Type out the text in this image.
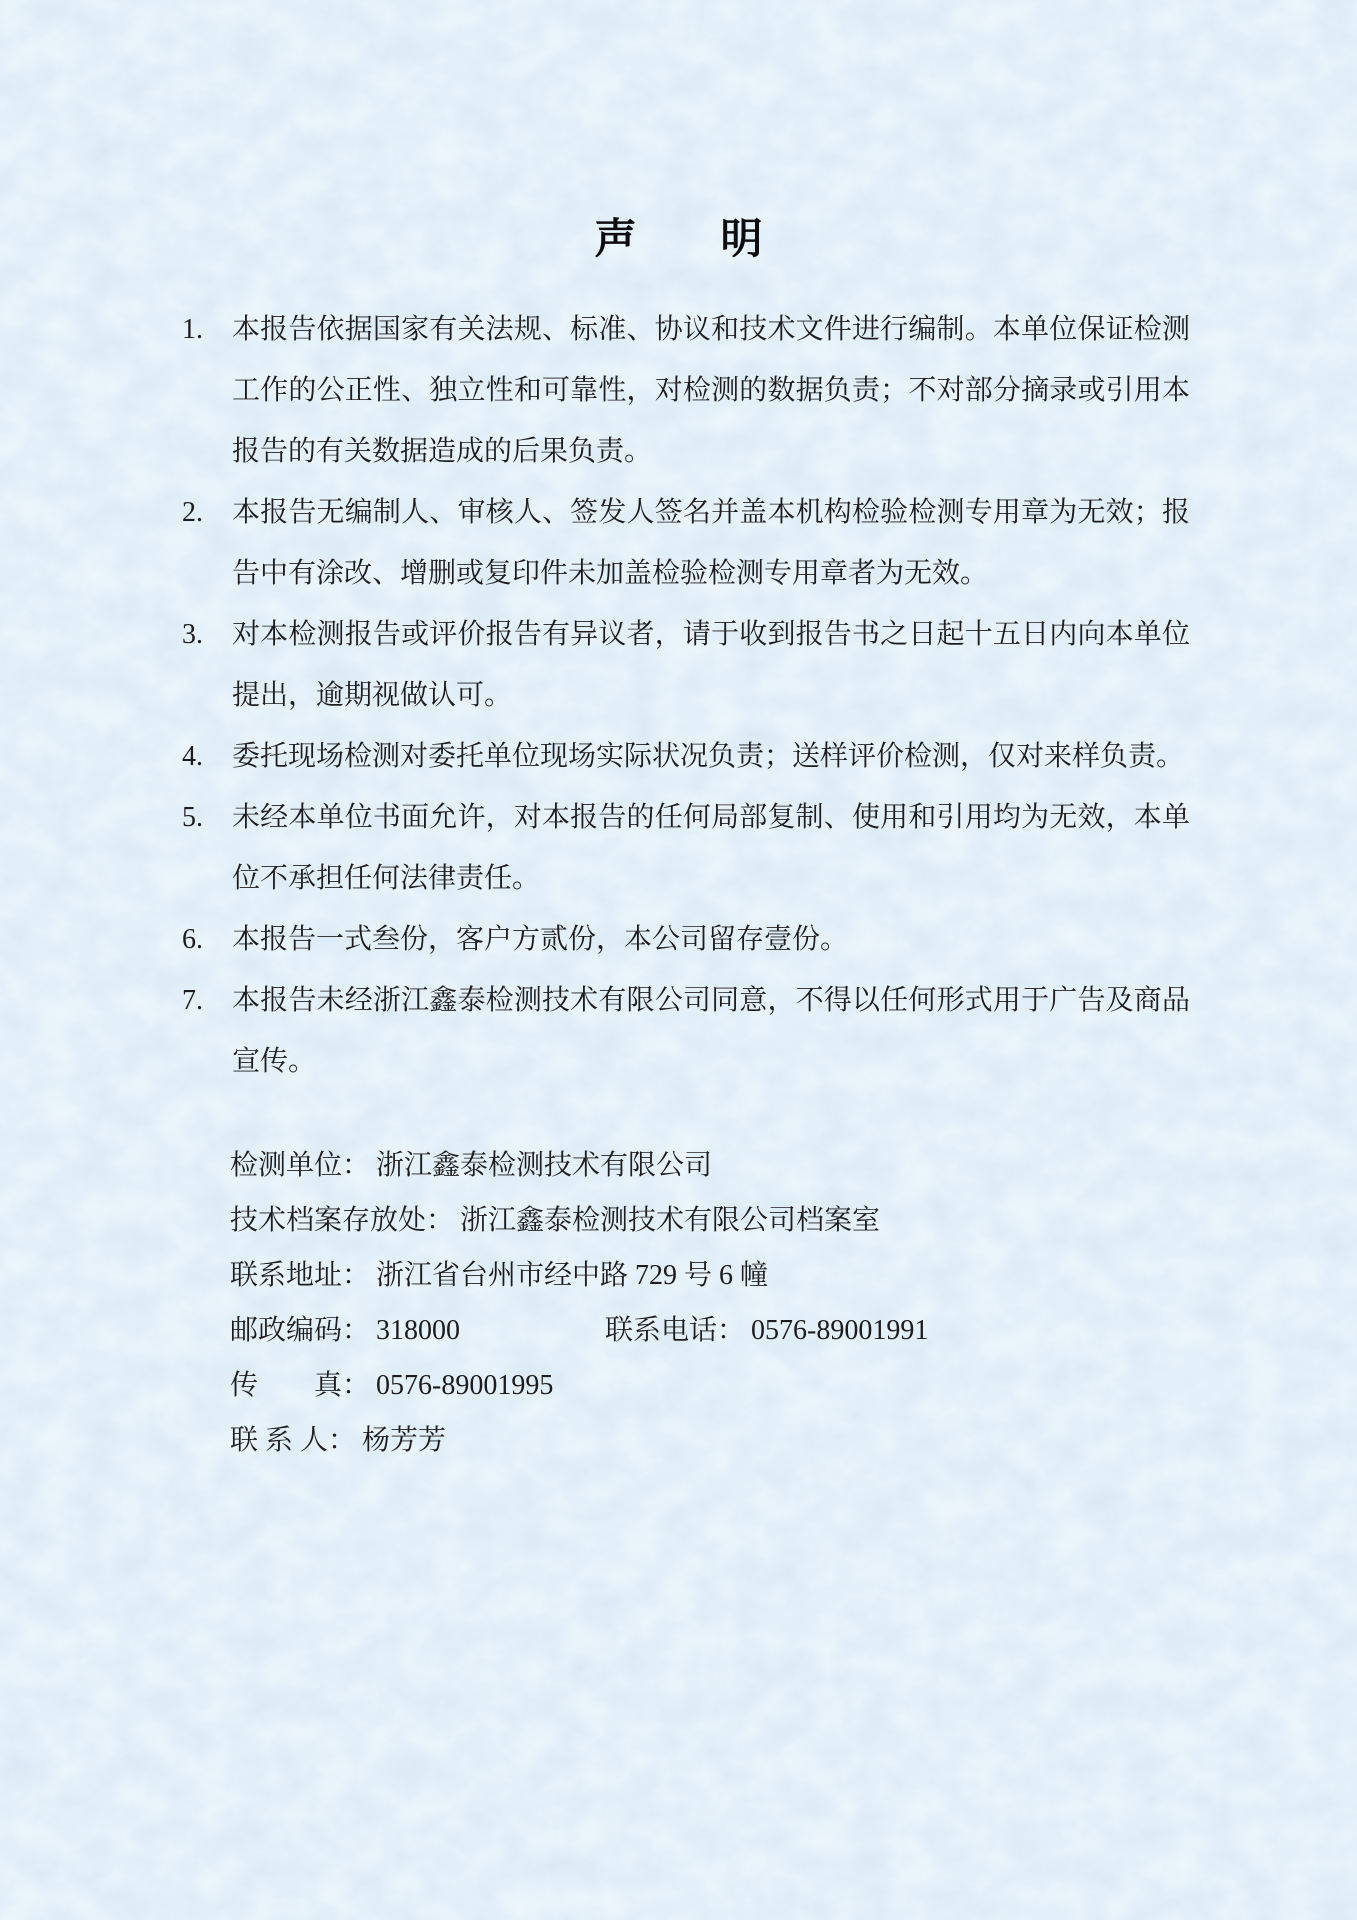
声　　明
1. 本报告依据国家有关法规、标准、协议和技术文件进行编制。本单位保证检测工作的公正性、独立性和可靠性，对检测的数据负责；不对部分摘录或引用本报告的有关数据造成的后果负责。
2. 本报告无编制人、审核人、签发人签名并盖本机构检验检测专用章为无效；报告中有涂改、增删或复印件未加盖检验检测专用章者为无效。
3. 对本检测报告或评价报告有异议者，请于收到报告书之日起十五日内向本单位提出，逾期视做认可。
4. 委托现场检测对委托单位现场实际状况负责；送样评价检测，仅对来样负责。
5. 未经本单位书面允许，对本报告的任何局部复制、使用和引用均为无效，本单位不承担任何法律责任。
6. 本报告一式叁份，客户方贰份，本公司留存壹份。
7. 本报告未经浙江鑫泰检测技术有限公司同意，不得以任何形式用于广告及商品宣传。
检测单位： 浙江鑫泰检测技术有限公司
技术档案存放处： 浙江鑫泰检测技术有限公司档案室
联系地址： 浙江省台州市经中路 729 号 6 幢
邮政编码： 318000	联系电话： 0576-89001991
传　　真： 0576-89001995
联 系 人： 杨芳芳
